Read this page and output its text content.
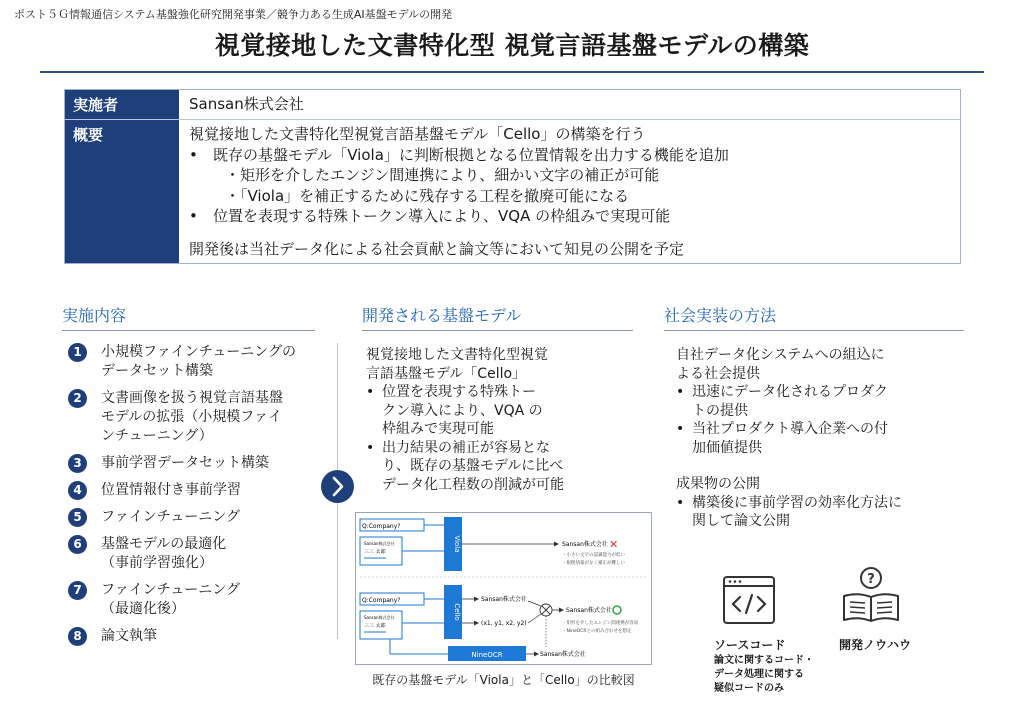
ポスト５Ｇ情報通信システム基盤強化研究開発事業／競争力ある生成AI基盤モデルの開発
視覚接地した文書特化型 視覚言語基盤モデルの構築
実施者	Sansan株式会社
概要	視覚接地した文書特化型視覚言語基盤モデル「Cello」の構築を行う
• 既存の基盤モデル「Viola」に判断根拠となる位置情報を出力する機能を追加
・矩形を介したエンジン間連携により、細かい文字の補正が可能
・「Viola」を補正するために残存する工程を撤廃可能になる
• 位置を表現する特殊トークン導入により、VQA の枠組みで実現可能
開発後は当社データ化による社会貢献と論文等において知見の公開を予定
実施内容	開発される基盤モデル	社会実装の方法
1	小規模ファインチューニングの
データセット構築
2	文書画像を扱う視覚言語基盤
モデルの拡張（小規模ファイ
ンチューニング）
3	事前学習データセット構築
4	位置情報付き事前学習
5	ファインチューニング
6	基盤モデルの最適化
（事前学習強化）
7	ファインチューニング
（最適化後）
8	論文執筆
視覚接地した文書特化型視覚
言語基盤モデル「Cello」
• 位置を表現する特殊トー
クン導入により、VQA の
枠組みで実現可能
• 出力結果の補正が容易とな
り、既存の基盤モデルに比べ
データ化工程数の削減が可能
Q:Company?
Sansan株式会社
三三 太郎	Viola	Sansan株式会社 ✕
・小さい文字の認識能力が低い
・根拠情報がなく補正が難しい
Q:Company?
Sansan株式会社
三三 太郎
Cello
Sansan株式会社
(x1, y1, x2, y2)
Sansan株式会社
・矩形を介したエンジン間連携が容易
・NineOCRとの組み合わせを想定
NineOCR	Sansan株式会社
既存の基盤モデル「Viola」と「Cello」の比較図
自社データ化システムへの組込に
よる社会提供
• 迅速にデータ化されるプロダク
トの提供
• 当社プロダクト導入企業への付
加価値提供
成果物の公開
• 構築後に事前学習の効率化方法に
関して論文公開
?
ソースコード	開発ノウハウ
論文に関するコード・
データ処理に関する
疑似コードのみ
